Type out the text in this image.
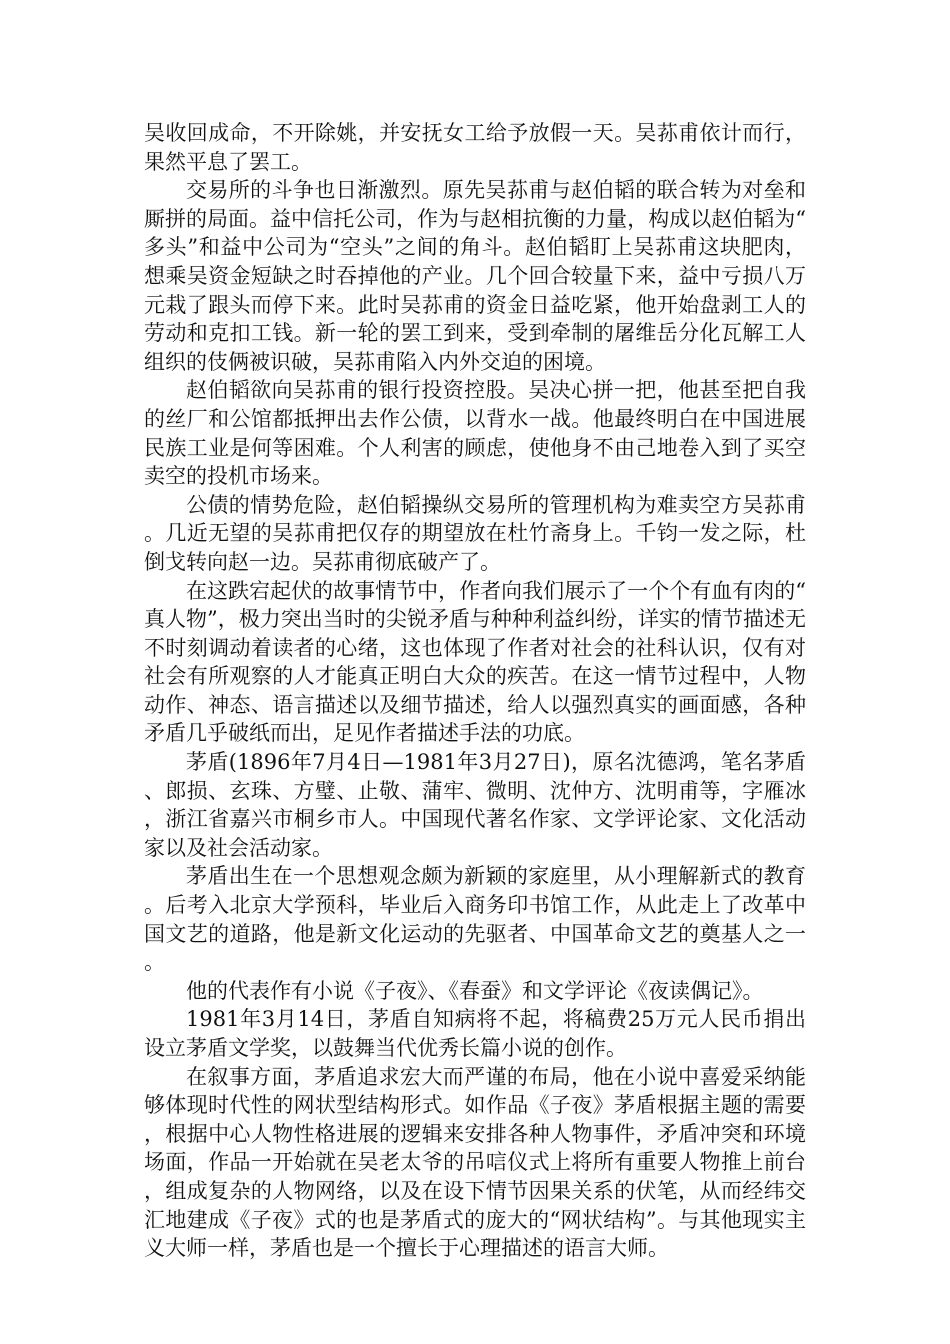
吴收回成命，不开除姚，并安抚女工给予放假一天。吴荪甫依计而行，果然平息了罢工。

交易所的斗争也日渐激烈。原先吴荪甫与赵伯韬的联合转为对垒和厮拼的局面。益中信托公司，作为与赵相抗衡的力量，构成以赵伯韬为“多头”和益中公司为“空头”之间的角斗。赵伯韬盯上吴荪甫这块肥肉，想乘吴资金短缺之时吞掉他的产业。几个回合较量下来，益中亏损八万元栽了跟头而停下来。此时吴荪甫的资金日益吃紧，他开始盘剥工人的劳动和克扣工钱。新一轮的罢工到来，受到牵制的屠维岳分化瓦解工人组织的伎俩被识破，吴荪甫陷入内外交迫的困境。

赵伯韬欲向吴荪甫的银行投资控股。吴决心拼一把，他甚至把自我的丝厂和公馆都抵押出去作公债，以背水一战。他最终明白在中国进展民族工业是何等困难。个人利害的顾虑，使他身不由己地卷入到了买空卖空的投机市场来。

公债的情势危险，赵伯韬操纵交易所的管理机构为难卖空方吴荪甫。几近无望的吴荪甫把仅存的期望放在杜竹斋身上。千钧一发之际，杜倒戈转向赵一边。吴荪甫彻底破产了。

在这跌宕起伏的故事情节中，作者向我们展示了一个个有血有肉的“真人物”，极力突出当时的尖锐矛盾与种种利益纠纷，详实的情节描述无不时刻调动着读者的心绪，这也体现了作者对社会的社科认识，仅有对社会有所观察的人才能真正明白大众的疾苦。在这一情节过程中，人物动作、神态、语言描述以及细节描述，给人以强烈真实的画面感，各种矛盾几乎破纸而出，足见作者描述手法的功底。

茅盾(1896年7月4日—1981年3月27日)，原名沈德鸿，笔名茅盾、郎损、玄珠、方璧、止敬、蒲牢、微明、沈仲方、沈明甫等，字雁冰，浙江省嘉兴市桐乡市人。中国现代著名作家、文学评论家、文化活动家以及社会活动家。

茅盾出生在一个思想观念颇为新颖的家庭里，从小理解新式的教育。后考入北京大学预科，毕业后入商务印书馆工作，从此走上了改革中国文艺的道路，他是新文化运动的先驱者、中国革命文艺的奠基人之一。

他的代表作有小说《子夜》、《春蚕》和文学评论《夜读偶记》。

1981年3月14日，茅盾自知病将不起，将稿费25万元人民币捐出设立茅盾文学奖，以鼓舞当代优秀长篇小说的创作。

在叙事方面，茅盾追求宏大而严谨的布局，他在小说中喜爱采纳能够体现时代性的网状型结构形式。如作品《子夜》茅盾根据主题的需要，根据中心人物性格进展的逻辑来安排各种人物事件，矛盾冲突和环境场面，作品一开始就在吴老太爷的吊唁仪式上将所有重要人物推上前台，组成复杂的人物网络，以及在设下情节因果关系的伏笔，从而经纬交汇地建成《子夜》式的也是茅盾式的庞大的“网状结构”。与其他现实主义大师一样，茅盾也是一个擅长于心理描述的语言大师。
